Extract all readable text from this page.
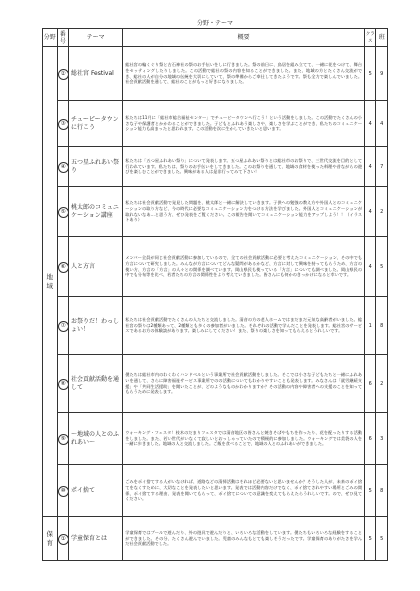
分野・テーマ
分野	番号	テーマ	概要	クラス	班

地
域	②	総社宮 Festival	総社宮の輪くぐり祭と古石神社の祭のお手伝いをしに行きました。祭の前日に、鳥居を組み立てて、一緒に花をつけて、舞台をセッティングしたりしました。この活動で総社の祭の内容を知ることができました。また、地域の方とたくさん交流ができ、総社の人が自分の地域の伝統を大切にしていて、祭の準備からご奉仕してきたようです。祭も全力で楽しんでいました。社会貢献活動を通して、総社のことがもっと好きになりました。	5	9
	③	チューピータウンに行こう	私たちは11月に「総社市総合福祉センター」でチューピータウンへ行こう！という活動をしました。この活動でたくさんの小さな子や保護者とかかわることができました。子どもとふれあう楽しさや、楽しさを学ぶことができ、私たちのコミュニケーション能力も高まったと思われます。この活動を次に生かしていきたいと思います。	4	4
	④	五つ星ふれあい祭り	私たちは「五つ星ふれあい祭り」について発表します。五つ星ふれあい祭りとは総社市のお祭りで、三世代交流を目的として行われています。私たちは、祭りのお手伝いをしてきました。このお祭りを通して、地域の食材を使った料理や昔ながらの遊びを楽しむことができました。興味がある人は是非行ってみて下さい！	4	7
	⑤	桃太郎のコミュニケーション講座	私たちは社会貢献活動で発見した問題を、桃太郎と一緒に解決していきます。子供への勉強の教え方や外国人とのコミュニケーションの取り方など、今の時代に必要なコミュニケーション力をつける方法を学びました。外国人とコミュニケーションが取れないなあ…と思う方、ぜひ発表をご覧ください。この報告を聞いてコミュニケーション能力をアップしよう！！（イラストあり）	4	2
	⑥	人と方言	メンバー全員が同じ社会貢献活動に参加しているので、全ての社会貢献活動に必要と考えたコミュニケーション、その中でも方言について研究しました。みんなが方言についてどんな疑問があるかなど、方言に対して興味を持ってもらうため、方言の使い方、方言の「方言」の人々との関係を調べています。岡山県民も使っている「方言」についても調べました。岡山県民の中でも分布等を比べ、若者たちの方言の関係性をより考えていきました。皆さんにも何かのきっかけになると幸いです。	4	5
	⑦	お祭りだ！わっしょい！	私たちは社会貢献活動でたくさんの人たちと交流しました。清音の方の老人ホームではまだまだ元気な高齢者がいました。総社宮の祭りは2種類あって、2種類とも多くの参加者がいました。それぞれの活動で学んだことを発表します。総社宮のサービスであるお方の体験談があります。楽しみにしてください！また、祭りの楽しさを知ってもらえるとうれしいです。	1	8
	⑧	社会貢献活動を通して	僕たちは総社市内のわくわくハンドベルという事業所で社会貢献活動をしました。そこでは小さな子どもたちと一緒にふれあいを通して、さらに障害福祉サービス事業所でのの活動についてもわかりやすいことも発表します。みなさんは「就労継続支援」や「共同生活援助」を聞いたことが、どのようなものかわかりますか？その活動の内容や障害者への支援のことを知ってもらうために発表します。	6	2
	⑨	～地域の人とのふれあい～	ウォーキング・フェスタ！枝木のだまりフェスタでは清音地区の皆さんと焼きそばやもちを作ったり、花を配ったりする活動をしました。また、若い世代がいなくて寂しいとおっしゃっていたので積極的に参加しました。ウォーキングでは美袋の人を一緒に歩きました。地域の人と交流しました。ご飯を食べることで、地域の人とのふれあいができました。	6	3
	⑩	ポイ捨て	ごみをポイ捨てする人がいなければ、道路などの清掃活動はそれほど必要ないと思いませんか？そうした人が、未来のポイ捨てをなくすために、大切なことを発表したいと思います。発表では活動内容だけでなく、ポイ捨てされやすい場所とごみの関係、ポイ捨てする理由、発表を聞いてもらって、ポイ捨てについての意識を変えてもらえたらうれしいです。ので、ぜひ見てください。	5	8

保
育	①	学童保育とは	学童保育ではプールで遊んだり、外の遊具で遊んだりと、いろいろな活動をしています。僕たちもいろいろな経験をすることができました。その分、たくさん遊んでいました。児童のみんなもとても楽しそうだったです。学童保育のありがたさを学んだ社会貢献活動でした。	5	5
